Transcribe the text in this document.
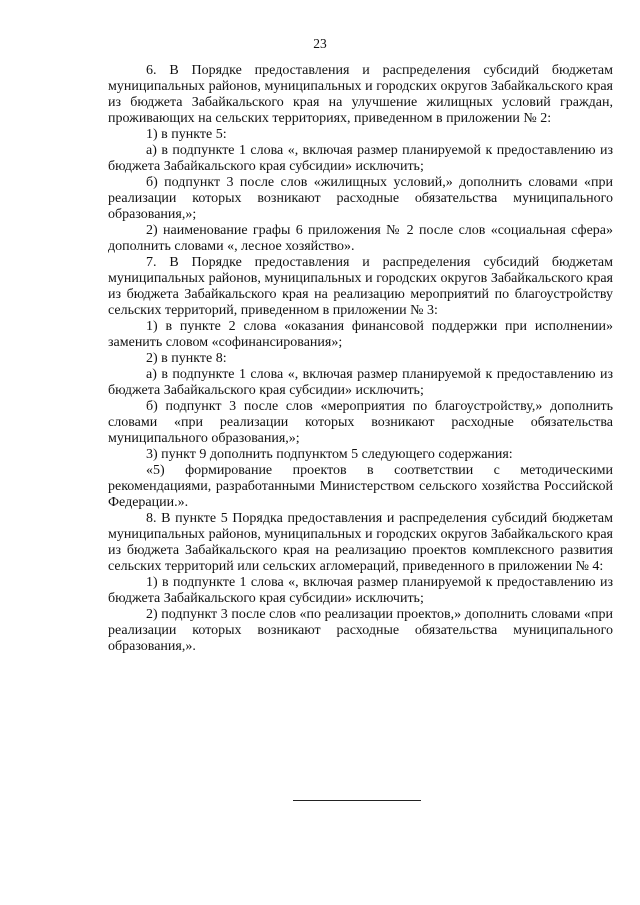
23

6. В Порядке предоставления и распределения субсидий бюджетам муниципальных районов, муниципальных и городских округов Забайкальского края из бюджета Забайкальского края на улучшение жилищных условий граждан, проживающих на сельских территориях, приведенном в приложении № 2:

1) в пункте 5:

а) в подпункте 1 слова «, включая размер планируемой к предоставлению из бюджета Забайкальского края субсидии» исключить;

б) подпункт 3 после слов «жилищных условий,» дополнить словами «при реализации которых возникают расходные обязательства муниципального образования,»;

2) наименование графы 6 приложения № 2 после слов «социальная сфера» дополнить словами «, лесное хозяйство».

7. В Порядке предоставления и распределения субсидий бюджетам муниципальных районов, муниципальных и городских округов Забайкальского края из бюджета Забайкальского края на реализацию мероприятий по благоустройству сельских территорий, приведенном в приложении № 3:

1) в пункте 2 слова «оказания финансовой поддержки при исполнении» заменить словом «софинансирования»;

2) в пункте 8:

а) в подпункте 1 слова «, включая размер планируемой к предоставлению из бюджета Забайкальского края субсидии» исключить;

б) подпункт 3 после слов «мероприятия по благоустройству,» дополнить словами «при реализации которых возникают расходные обязательства муниципального образования,»;

3) пункт 9 дополнить подпунктом 5 следующего содержания:

«5) формирование проектов в соответствии с методическими рекомендациями, разработанными Министерством сельского хозяйства Российской Федерации.».

8. В пункте 5 Порядка предоставления и распределения субсидий бюджетам муниципальных районов, муниципальных и городских округов Забайкальского края из бюджета Забайкальского края на реализацию проектов комплексного развития сельских территорий или сельских агломераций, приведенного в приложении № 4:

1) в подпункте 1 слова «, включая размер планируемой к предоставлению из бюджета Забайкальского края субсидии» исключить;

2) подпункт 3 после слов «по реализации проектов,» дополнить словами «при реализации которых возникают расходные обязательства муниципального образования,».
